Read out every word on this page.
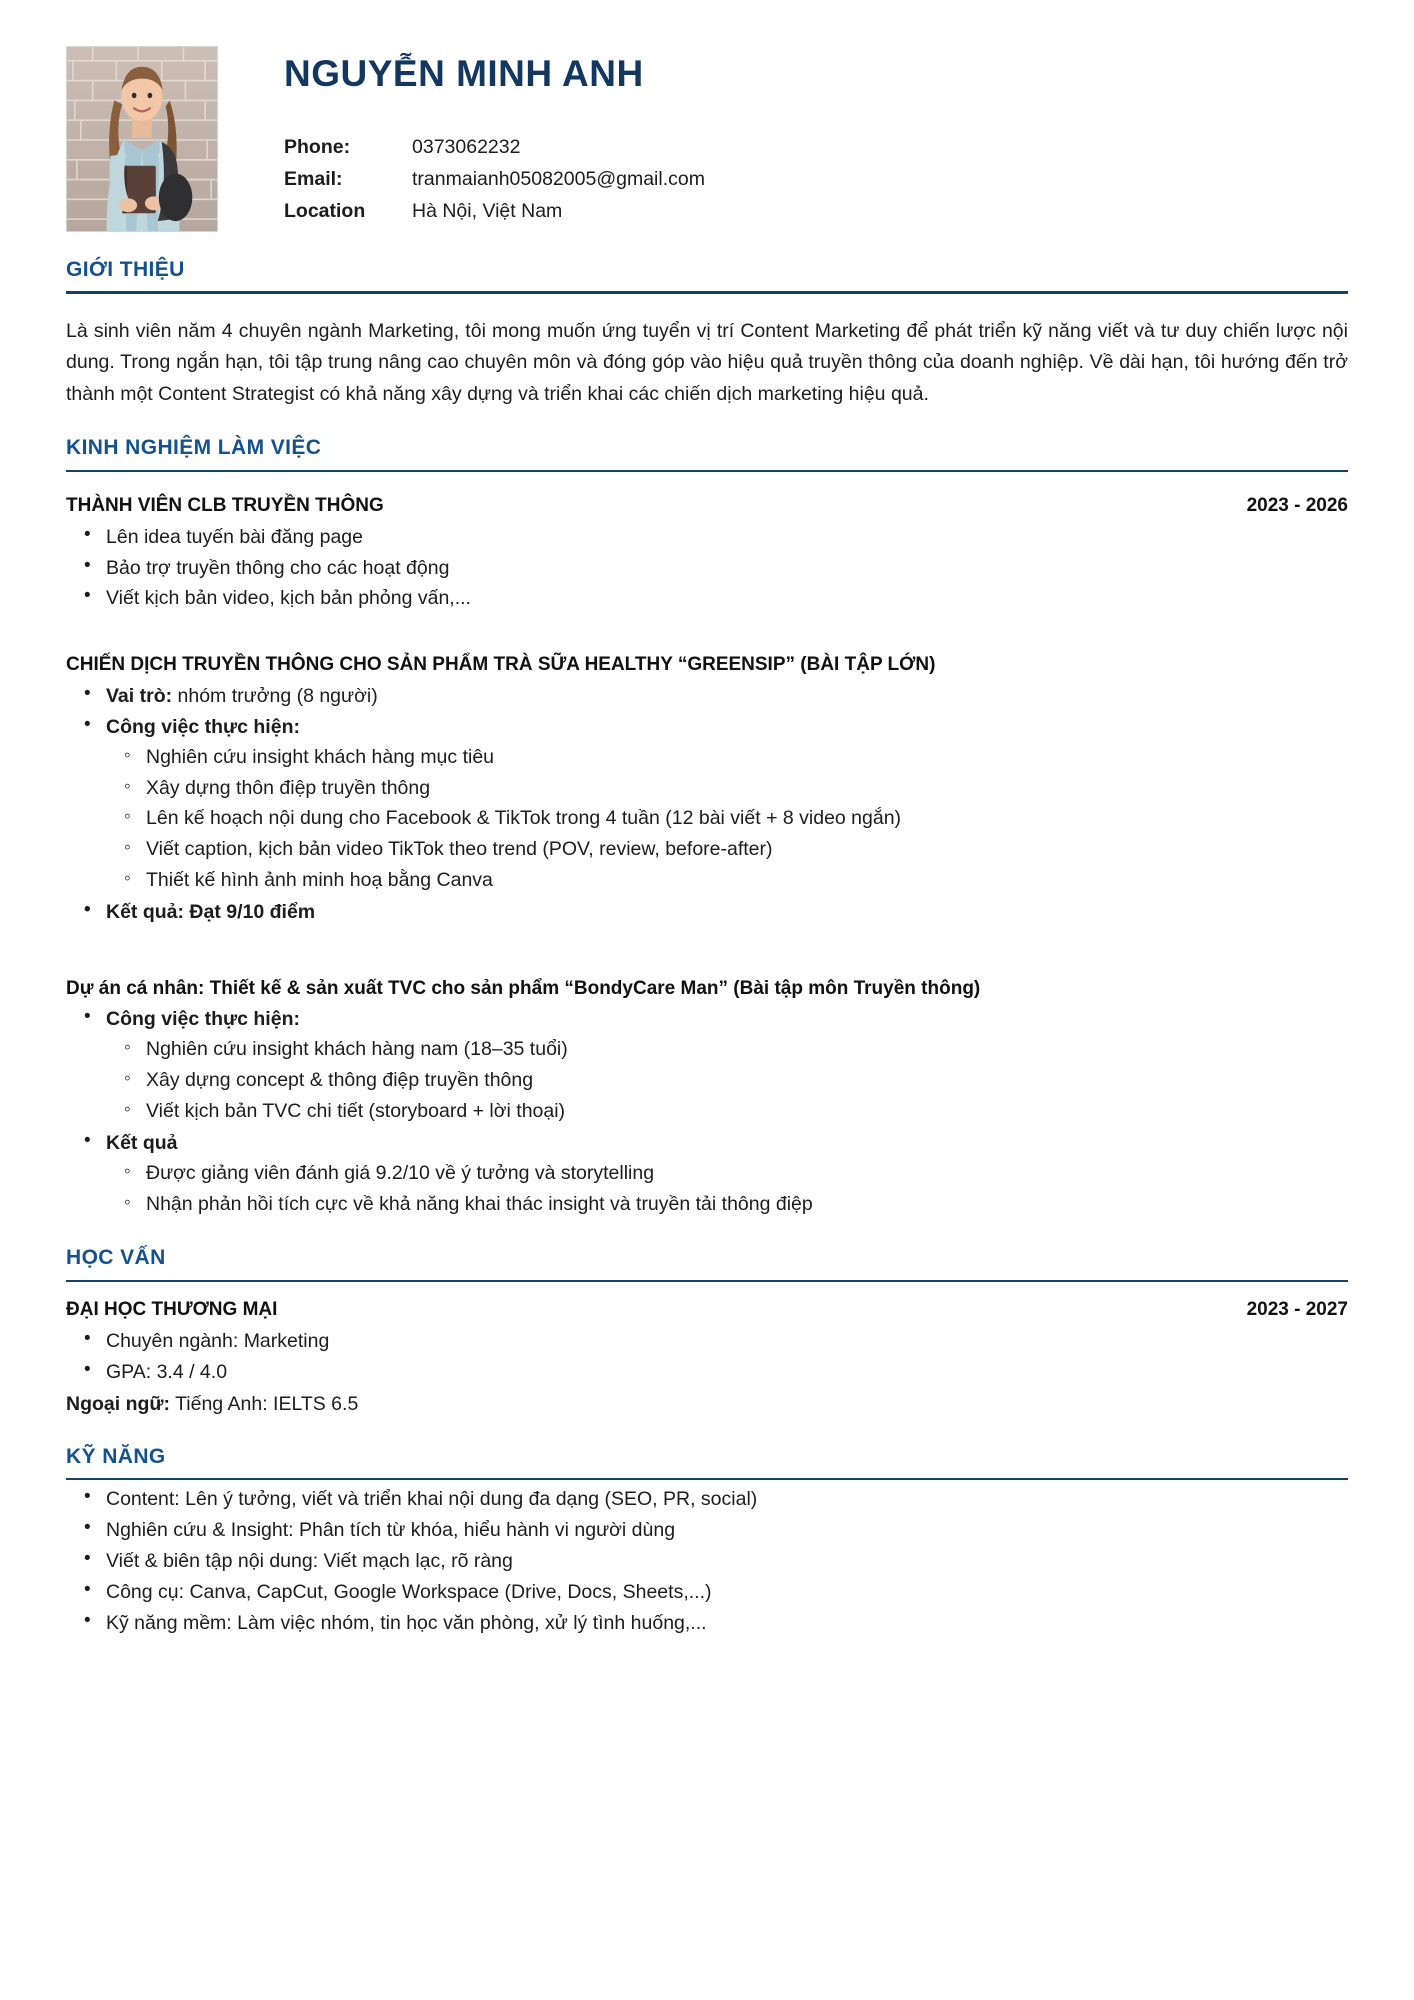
NGUYỄN MINH ANH
Phone:	0373062232
Email:	tranmaianh05082005@gmail.com
Location	Hà Nội, Việt Nam
GIỚI THIỆU

Là sinh viên năm 4 chuyên ngành Marketing, tôi mong muốn ứng tuyển vị trí Content Marketing để phát triển kỹ năng viết và tư duy chiến lược nội dung. Trong ngắn hạn, tôi tập trung nâng cao chuyên môn và đóng góp vào hiệu quả truyền thông của doanh nghiệp. Về dài hạn, tôi hướng đến trở thành một Content Strategist có khả năng xây dựng và triển khai các chiến dịch marketing hiệu quả.

KINH NGHIỆM LÀM VIỆC
THÀNH VIÊN CLB TRUYỀN THÔNG	2023 - 2026
• Lên idea tuyến bài đăng page
• Bảo trợ truyền thông cho các hoạt động
• Viết kịch bản video, kịch bản phỏng vấn,...
CHIẾN DỊCH TRUYỀN THÔNG CHO SẢN PHẨM TRÀ SỮA HEALTHY “GREENSIP” (BÀI TẬP LỚN)
• Vai trò: nhóm trưởng (8 người)
• Công việc thực hiện:
◦ Nghiên cứu insight khách hàng mục tiêu
◦ Xây dựng thôn điệp truyền thông
◦ Lên kế hoạch nội dung cho Facebook & TikTok trong 4 tuần (12 bài viết + 8 video ngắn)
◦ Viết caption, kịch bản video TikTok theo trend (POV, review, before-after)
◦ Thiết kế hình ảnh minh hoạ bằng Canva
• Kết quả: Đạt 9/10 điểm
Dự án cá nhân: Thiết kế & sản xuất TVC cho sản phẩm “BondyCare Man” (Bài tập môn Truyền thông)
• Công việc thực hiện:
◦ Nghiên cứu insight khách hàng nam (18–35 tuổi)
◦ Xây dựng concept & thông điệp truyền thông
◦ Viết kịch bản TVC chi tiết (storyboard + lời thoại)
• Kết quả
◦ Được giảng viên đánh giá 9.2/10 về ý tưởng và storytelling
◦ Nhận phản hồi tích cực về khả năng khai thác insight và truyền tải thông điệp
HỌC VẤN
ĐẠI HỌC THƯƠNG MẠI	2023 - 2027
• Chuyên ngành: Marketing
• GPA: 3.4 / 4.0

Ngoại ngữ: Tiếng Anh: IELTS 6.5

KỸ NĂNG
• Content: Lên ý tưởng, viết và triển khai nội dung đa dạng (SEO, PR, social)
• Nghiên cứu & Insight: Phân tích từ khóa, hiểu hành vi người dùng
• Viết & biên tập nội dung: Viết mạch lạc, rõ ràng
• Công cụ: Canva, CapCut, Google Workspace (Drive, Docs, Sheets,...)
• Kỹ năng mềm: Làm việc nhóm, tin học văn phòng, xử lý tình huống,...
